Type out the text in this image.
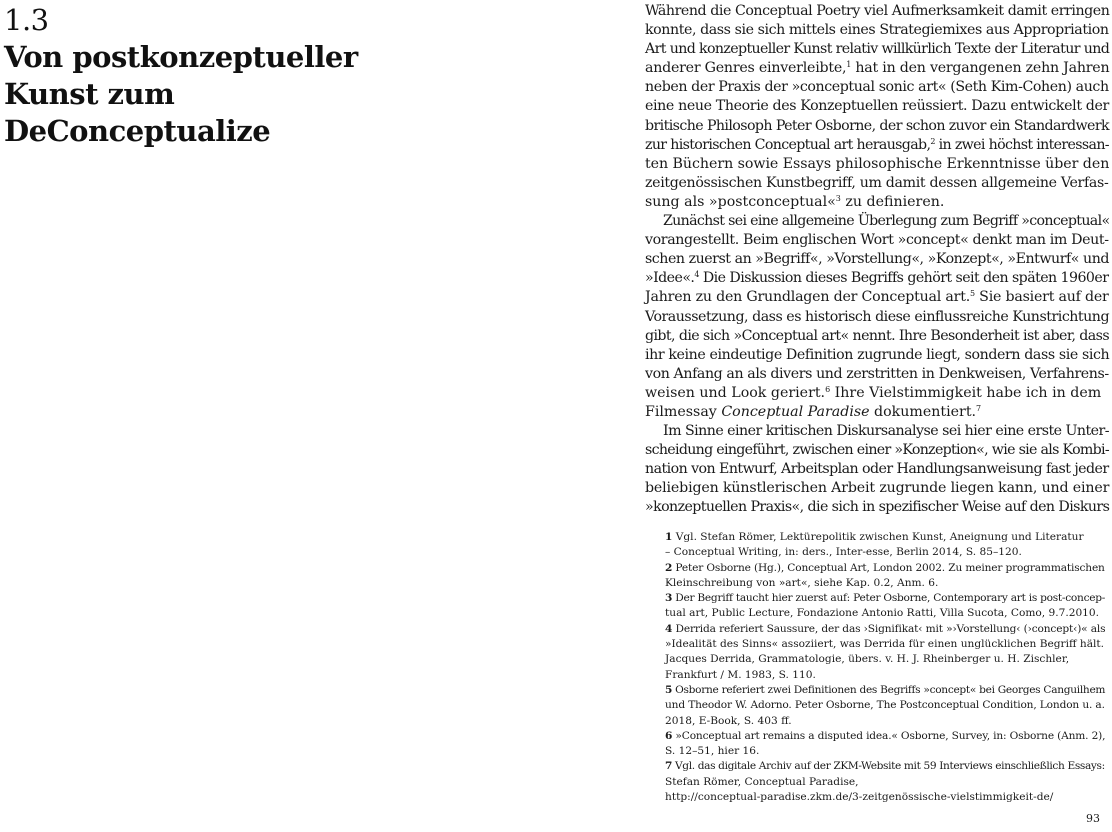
1.3
Von postkonzeptueller
Kunst zum
DeConceptualize
Während die Conceptual Poetry viel Aufmerksamkeit damit erringen
konnte, dass sie sich mittels eines Strategiemixes aus Appropriation
Art und konzeptueller Kunst relativ willkürlich Texte der Literatur und
anderer Genres einverleibte,$^1$ hat in den vergangenen zehn Jahren
neben der Praxis der »conceptual sonic art« (Seth Kim-Cohen) auch
eine neue Theorie des Konzeptuellen reüssiert. Dazu entwickelt der
britische Philosoph Peter Osborne, der schon zuvor ein Standardwerk
zur historischen Conceptual art herausgab,$^2$ in zwei höchst interessan-
ten Büchern sowie Essays philosophische Erkenntnisse über den
zeitgenössischen Kunstbegriff, um damit dessen allgemeine Verfas-
sung als »postconceptual«$^3$ zu definieren.
Zunächst sei eine allgemeine Überlegung zum Begriff »conceptual«
vorangestellt. Beim englischen Wort »concept« denkt man im Deut-
schen zuerst an »Begriff«, »Vorstellung«, »Konzept«, »Entwurf« und
»Idee«.$^4$ Die Diskussion dieses Begriffs gehört seit den späten 1960er
Jahren zu den Grundlagen der Conceptual art.$^5$ Sie basiert auf der
Voraussetzung, dass es historisch diese einflussreiche Kunstrichtung
gibt, die sich »Conceptual art« nennt. Ihre Besonderheit ist aber, dass
ihr keine eindeutige Definition zugrunde liegt, sondern dass sie sich
von Anfang an als divers und zerstritten in Denkweisen, Verfahrens-
weisen und Look geriert.$^6$ Ihre Vielstimmigkeit habe ich in dem
Filmessay Conceptual Paradise dokumentiert.$^7$
Im Sinne einer kritischen Diskursanalyse sei hier eine erste Unter-
scheidung eingeführt, zwischen einer »Konzeption«, wie sie als Kombi-
nation von Entwurf, Arbeitsplan oder Handlungsanweisung fast jeder
beliebigen künstlerischen Arbeit zugrunde liegen kann, und einer
»konzeptuellen Praxis«, die sich in spezifischer Weise auf den Diskurs
1 Vgl. Stefan Römer, Lektürepolitik zwischen Kunst, Aneignung und Literatur
– Conceptual Writing, in: ders., Inter-esse, Berlin 2014, S. 85–120.
2 Peter Osborne (Hg.), Conceptual Art, London 2002. Zu meiner programmatischen
Kleinschreibung von »art«, siehe Kap. 0.2, Anm. 6.
3 Der Begriff taucht hier zuerst auf: Peter Osborne, Contemporary art is post-concep-
tual art, Public Lecture, Fondazione Antonio Ratti, Villa Sucota, Como, 9.7.2010.
4 Derrida referiert Saussure, der das ›Signifikat‹ mit »›Vorstellung‹ (›concept‹)« als
»Idealität des Sinns« assoziiert, was Derrida für einen unglücklichen Begriff hält.
Jacques Derrida, Grammatologie, übers. v. H. J. Rheinberger u. H. Zischler,
Frankfurt / M. 1983, S. 110.
5 Osborne referiert zwei Definitionen des Begriffs »concept« bei Georges Canguilhem
und Theodor W. Adorno. Peter Osborne, The Postconceptual Condition, London u. a.
2018, E-Book, S. 403 ff.
6 »Conceptual art remains a disputed idea.« Osborne, Survey, in: Osborne (Anm. 2),
S. 12–51, hier 16.
7 Vgl. das digitale Archiv auf der ZKM-Website mit 59 Interviews einschließlich Essays:
Stefan Römer, Conceptual Paradise,
http://conceptual-paradise.zkm.de/3-zeitgenössische-vielstimmigkeit-de/
93
